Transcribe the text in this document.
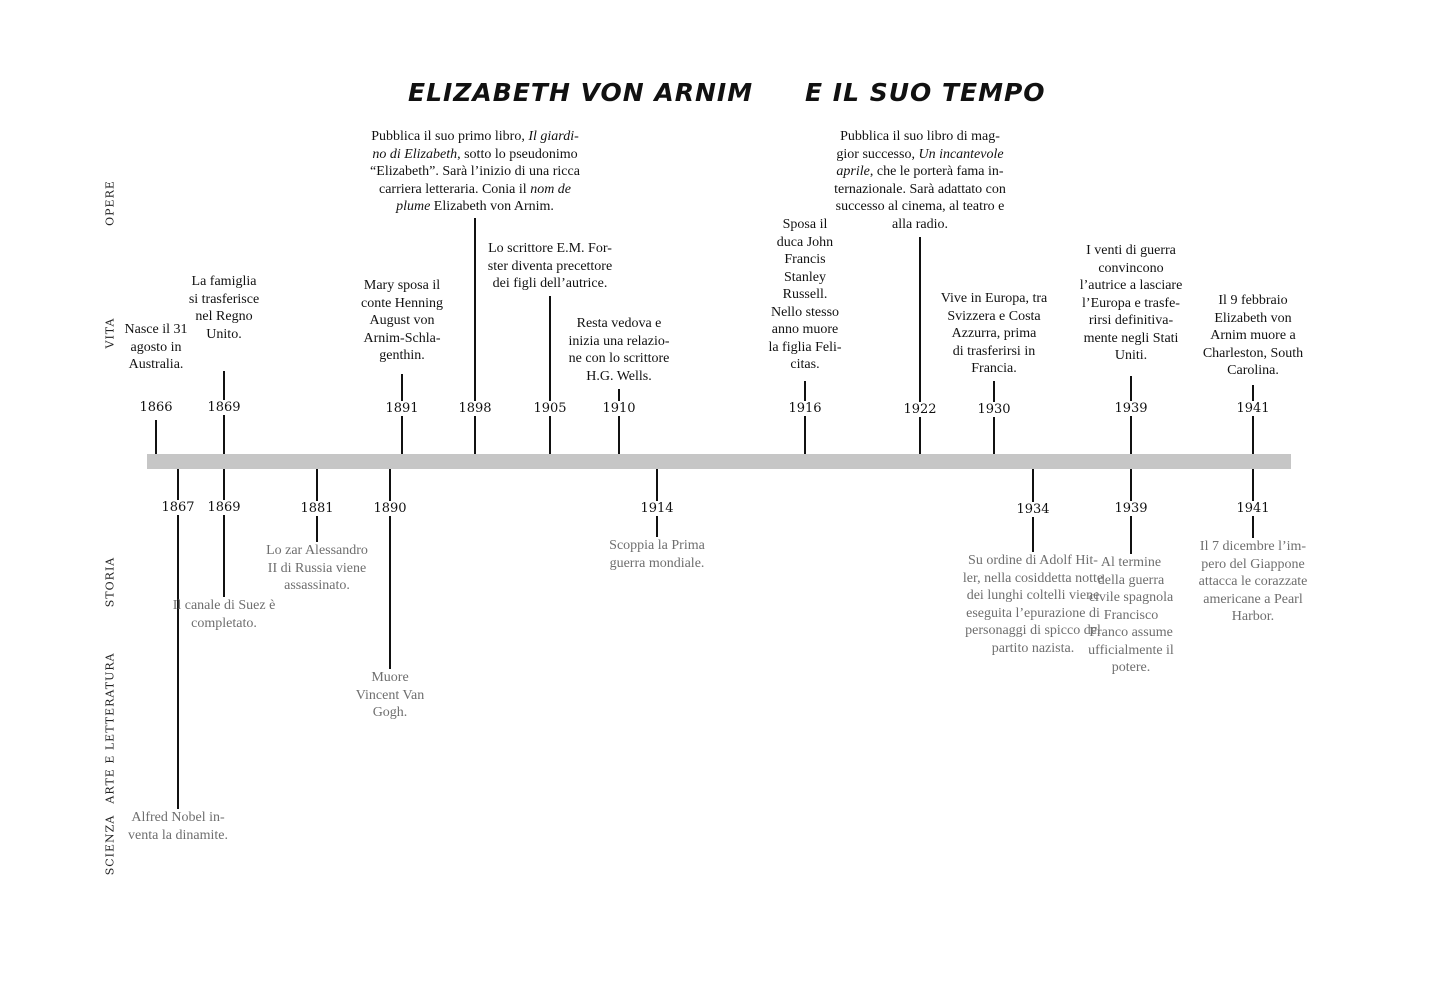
ELIZABETH VON ARNIM E IL SUO TEMPO
OPERE
VITA
STORIA
ARTE E LETTERATURA
SCIENZA
1866
Nasce il 31
agosto in
Australia.
1869
La famiglia
si trasferisce
nel Regno
Unito.
1891
Mary sposa il
conte Henning
August von
Arnim-Schla-
genthin.
1898
Pubblica il suo primo libro, Il giardi-
no di Elizabeth, sotto lo pseudonimo
“Elizabeth”. Sarà l’inizio di una ricca
carriera letteraria. Conia il nom de
plume Elizabeth von Arnim.
1905
Lo scrittore E.M. For-
ster diventa precettore
dei figli dell’autrice.
1910
Resta vedova e
inizia una relazio-
ne con lo scrittore
H.G. Wells.
1916
Sposa il
duca John
Francis
Stanley
Russell.
Nello stesso
anno muore
la figlia Feli-
citas.
1922
Pubblica il suo libro di mag-
gior successo, Un incantevole
aprile, che le porterà fama in-
ternazionale. Sarà adattato con
successo al cinema, al teatro e
alla radio.
1930
Vive in Europa, tra
Svizzera e Costa
Azzurra, prima
di trasferirsi in
Francia.
1939
I venti di guerra
convincono
l’autrice a lasciare
l’Europa e trasfe-
rirsi definitiva-
mente negli Stati
Uniti.
1941
Il 9 febbraio
Elizabeth von
Arnim muore a
Charleston, South
Carolina.
1867
Alfred Nobel in-
venta la dinamite.
1869
Il canale di Suez è
completato.
1881
Lo zar Alessandro
II di Russia viene
assassinato.
1890
Muore
Vincent Van
Gogh.
1914
Scoppia la Prima
guerra mondiale.
1934
Su ordine di Adolf Hit-
ler, nella cosiddetta notte
dei lunghi coltelli viene
eseguita l’epurazione di
personaggi di spicco del
partito nazista.
1939
Al termine
della guerra
civile spagnola
Francisco
Franco assume
ufficialmente il
potere.
1941
Il 7 dicembre l’im-
pero del Giappone
attacca le corazzate
americane a Pearl
Harbor.
